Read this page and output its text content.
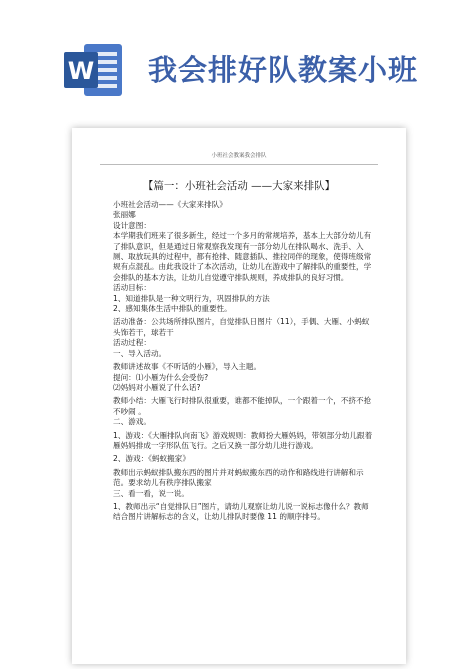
W 我会排好队教案小班
小班社会教案我会排队
【篇一：小班社会活动 ——大家来排队】

小班社会活动——《大家来排队》

张丽娜

设计意图：

本学期我们班来了很多新生，经过一个多月的常规培养，基本上大部分幼儿有了排队意识，但是通过日常观察我发现有一部分幼儿在排队喝水、洗手、入厕、取放玩具的过程中，都有抢排、随意插队、推拉同伴的现象，使得班级常规有点混乱。由此我设计了本次活动，让幼儿在游戏中了解排队的重要性，学会排队的基本方法，让幼儿自觉遵守排队规则，养成排队的良好习惯。

活动目标：

1、知道排队是一种文明行为，巩固排队的方法

2、感知集体生活中排队的重要性。

活动准备：公共场所排队图片，自觉排队日图片（11），手偶、大雁、小蚂蚁头饰若干，球若干

活动过程：

一、导入活动。

教师讲述故事《不听话的小雁》，导入主题。

提问：⑴小雁为什么会受伤?

⑵妈妈对小雁说了什么话?

教师小结：大雁飞行时排队很重要，谁都不能掉队，一个跟着一个，不挤不抢 不吵闹 。

二、游戏。

1、游戏：《大雁排队向南飞》游戏规则：教师扮大雁妈妈，带领部分幼儿跟着雁妈妈排成一字形队伍飞行。之后又换一部分幼儿进行游戏。

2、游戏：《蚂蚁搬家》

教师出示蚂蚁排队搬东西的图片并对蚂蚁搬东西的动作和路线进行讲解和示范。要求幼儿有秩序排队搬家

三、看一看，说一说。

1、教师出示“自觉排队日”图片，请幼儿观察让幼儿说一说标志像什么？教师结合图片讲解标志的含义，让幼儿排队时要像 11 的顺序排号。
